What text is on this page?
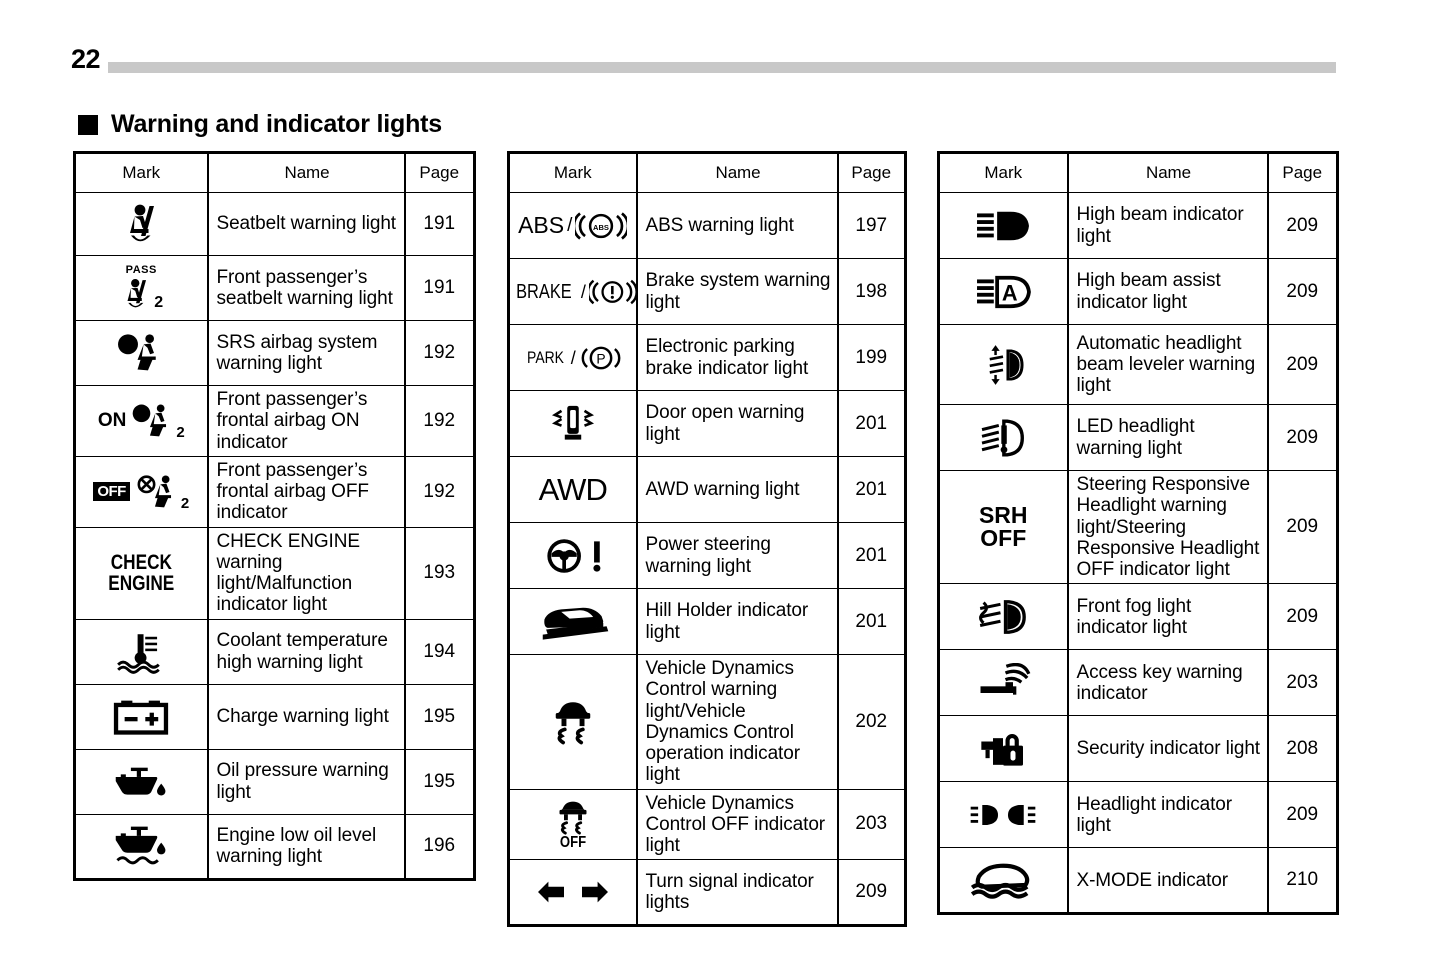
22
Warning and indicator lights
Mark	Name	Page

	Seatbelt warning light	191

PASS
2	Front passenger’s seatbelt warning light	191

	SRS airbag system warning light	192

ON
2	Front passenger’s frontal airbag ON indicator	192

OFF
2	Front passenger’s frontal airbag OFF indicator	192

CHECK
ENGINE	CHECK ENGINE warning light/Malfunction indicator light	193

	Coolant temperature high warning light	194

	Charge warning light	195

	Oil pressure warning light	195

	Engine low oil level warning light	196
Mark	Name	Page

ABS / ABS	ABS warning light	197

BRAKE /	Brake system warning light	198

PARK / P	Electronic parking brake indicator light	199

	Door open warning light	201

AWD	AWD warning light	201

	Power steering warning light	201

	Hill Holder indicator light	201

	Vehicle Dynamics Control warning light/Vehicle Dynamics Control operation indicator light	202

OFF	Vehicle Dynamics Control OFF indicator light	203

	Turn signal indicator lights	209
Mark	Name	Page

	High beam indicator light	209

A	High beam assist indicator light	209

	Automatic headlight beam leveler warning light	209

	LED headlight warning light	209

SRH
OFF	Steering Responsive Headlight warning light/Steering Responsive Headlight OFF indicator light	209

	Front fog light indicator light	209

	Access key warning indicator	203

	Security indicator light	208

	Headlight indicator light	209

	X-MODE indicator	210
